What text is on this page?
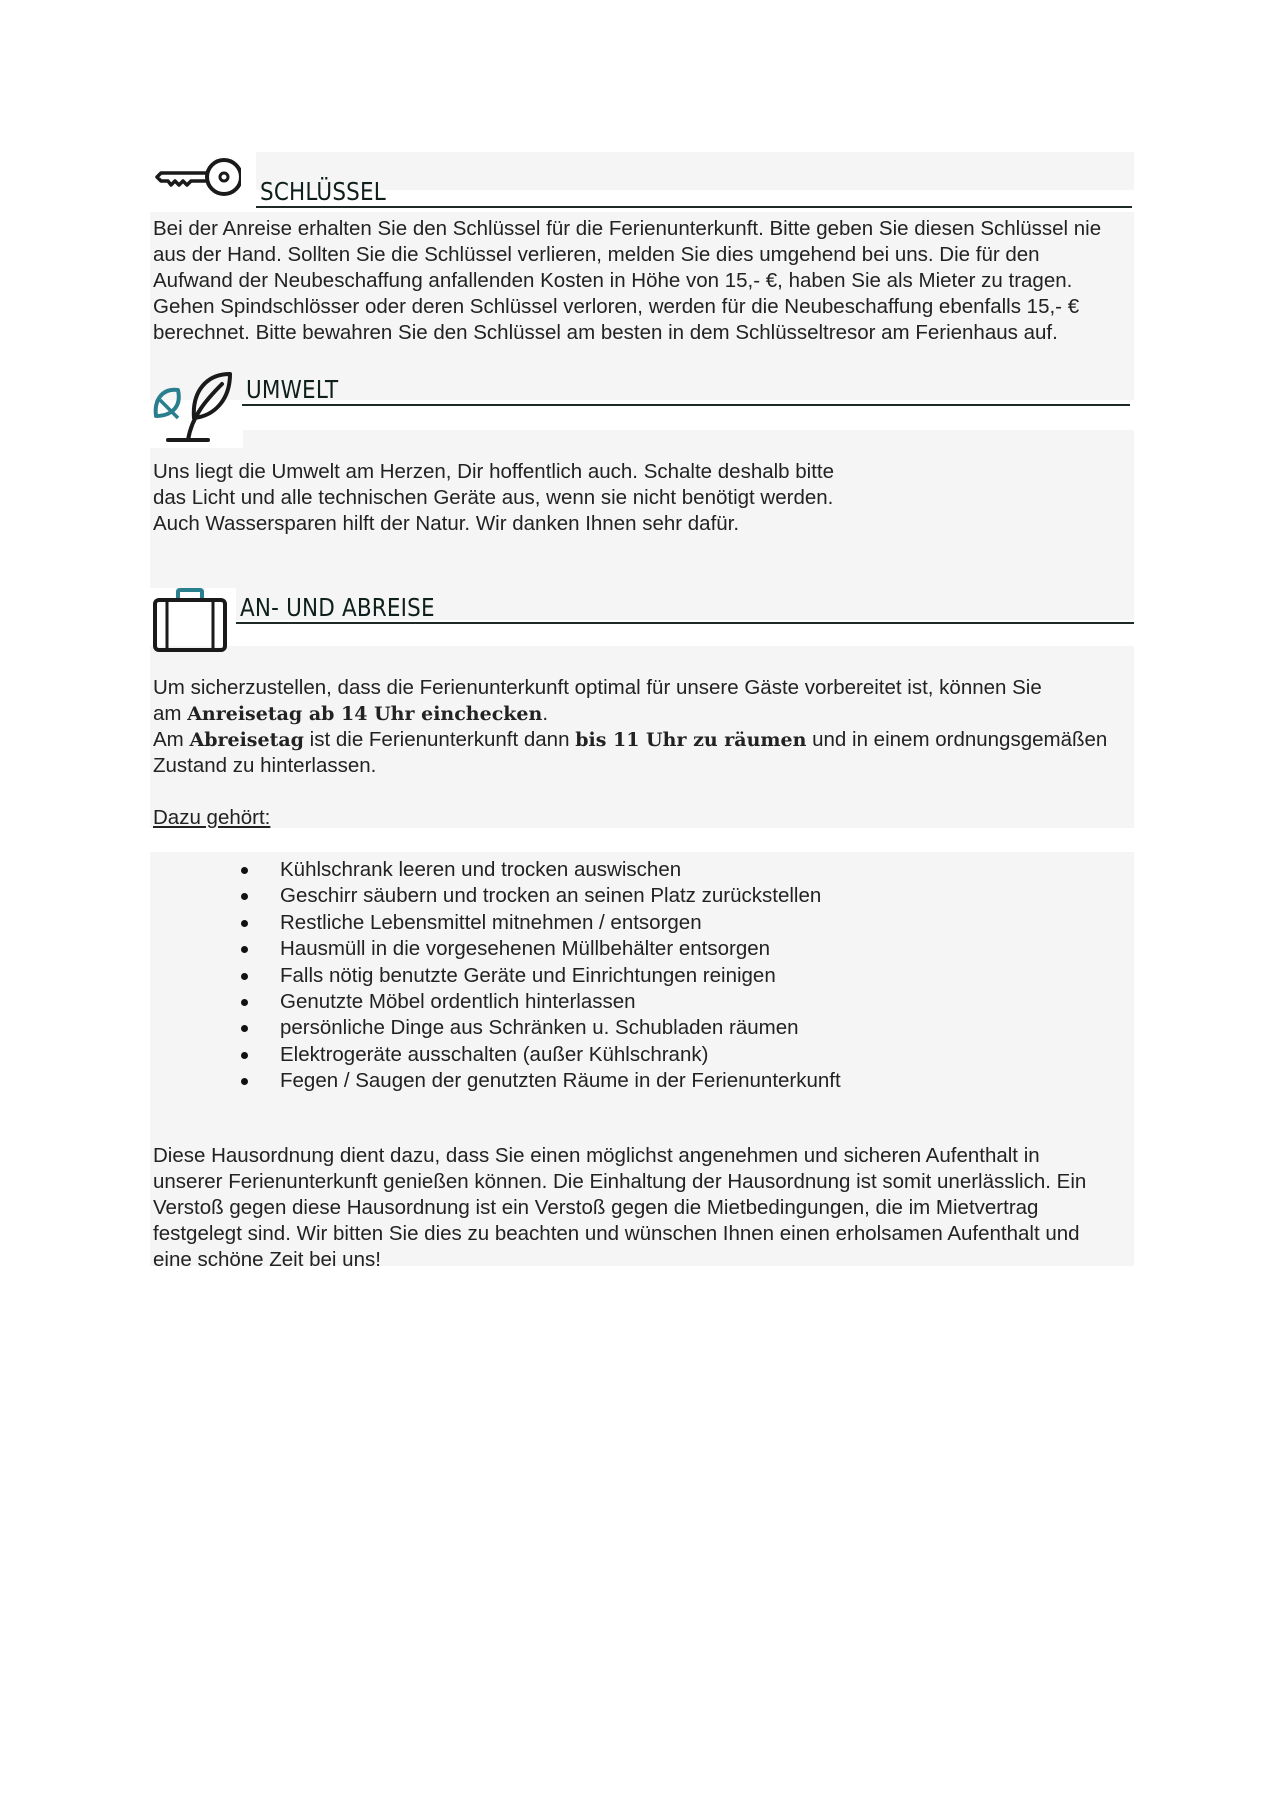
SCHLÜSSEL
Bei der Anreise erhalten Sie den Schlüssel für die Ferienunterkunft. Bitte geben Sie diesen Schlüssel nie
aus der Hand. Sollten Sie die Schlüssel verlieren, melden Sie dies umgehend bei uns. Die für den
Aufwand der Neubeschaffung anfallenden Kosten in Höhe von 15,- €, haben Sie als Mieter zu tragen.
Gehen Spindschlösser oder deren Schlüssel verloren, werden für die Neubeschaffung ebenfalls 15,- €
berechnet. Bitte bewahren Sie den Schlüssel am besten in dem Schlüsseltresor am Ferienhaus auf.
UMWELT
Uns liegt die Umwelt am Herzen, Dir hoffentlich auch. Schalte deshalb bitte
das Licht und alle technischen Geräte aus, wenn sie nicht benötigt werden.
Auch Wassersparen hilft der Natur. Wir danken Ihnen sehr dafür.
AN- UND ABREISE
Um sicherzustellen, dass die Ferienunterkunft optimal für unsere Gäste vorbereitet ist, können Sie
am Anreisetag ab 14 Uhr einchecken.
Am Abreisetag ist die Ferienunterkunft dann bis 11 Uhr zu räumen und in einem ordnungsgemäßen
Zustand zu hinterlassen.
Dazu gehört:
Kühlschrank leeren und trocken auswischen
Geschirr säubern und trocken an seinen Platz zurückstellen
Restliche Lebensmittel mitnehmen / entsorgen
Hausmüll in die vorgesehenen Müllbehälter entsorgen
Falls nötig benutzte Geräte und Einrichtungen reinigen
Genutzte Möbel ordentlich hinterlassen
persönliche Dinge aus Schränken u. Schubladen räumen
Elektrogeräte ausschalten (außer Kühlschrank)
Fegen / Saugen der genutzten Räume in der Ferienunterkunft
Diese Hausordnung dient dazu, dass Sie einen möglichst angenehmen und sicheren Aufenthalt in
unserer Ferienunterkunft genießen können. Die Einhaltung der Hausordnung ist somit unerlässlich. Ein
Verstoß gegen diese Hausordnung ist ein Verstoß gegen die Mietbedingungen, die im Mietvertrag
festgelegt sind. Wir bitten Sie dies zu beachten und wünschen Ihnen einen erholsamen Aufenthalt und
eine schöne Zeit bei uns!
